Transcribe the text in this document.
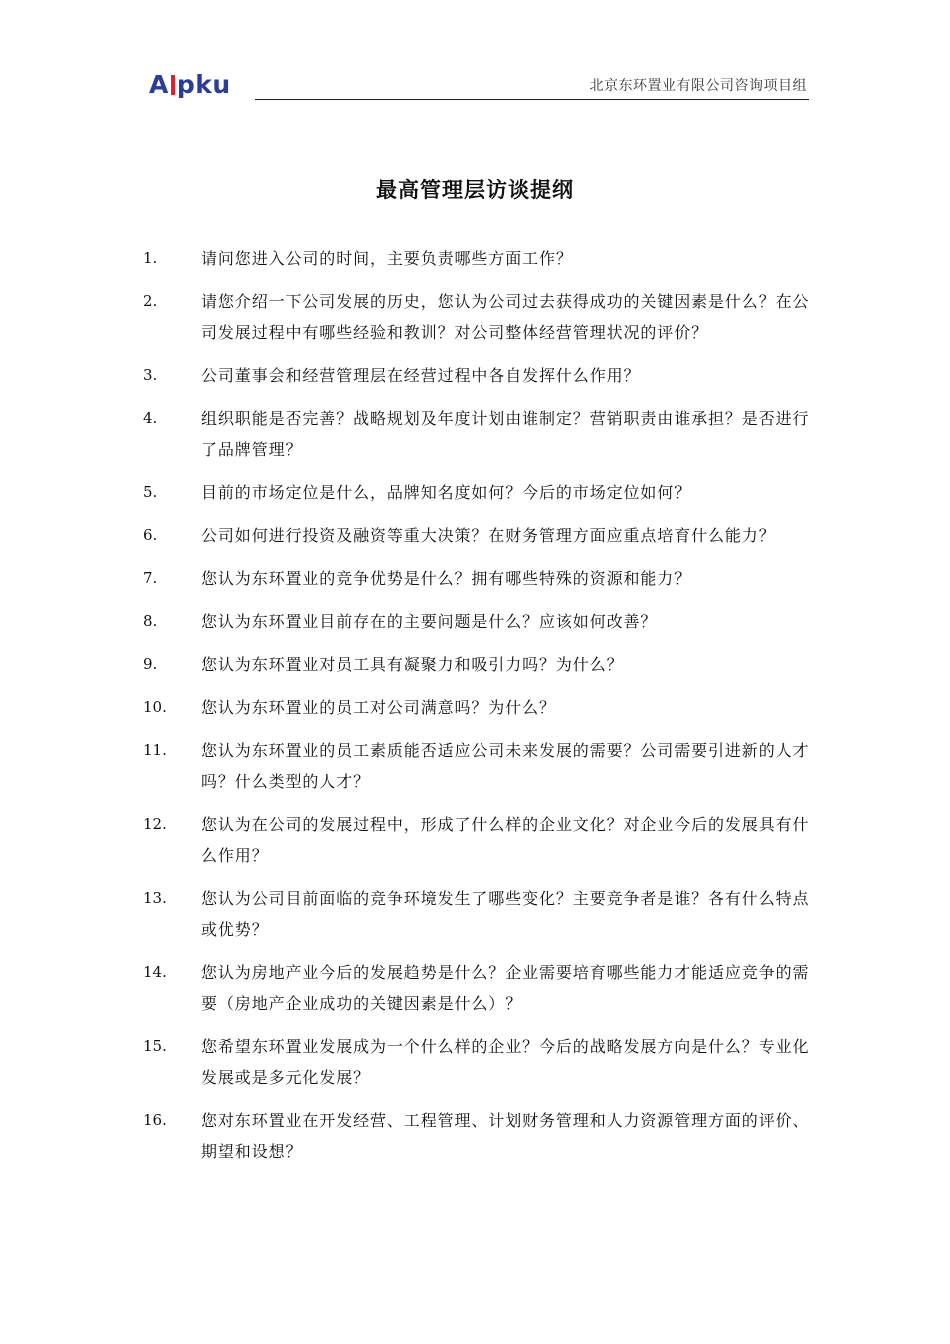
A pku	北京东环置业有限公司咨询项目组
最高管理层访谈提纲
1.	请问您进入公司的时间，主要负责哪些方面工作？
2.	请您介绍一下公司发展的历史，您认为公司过去获得成功的关键因素是什么？在公司发展过程中有哪些经验和教训？对公司整体经营管理状况的评价？
3.	公司董事会和经营管理层在经营过程中各自发挥什么作用？
4.	组织职能是否完善？战略规划及年度计划由谁制定？营销职责由谁承担？是否进行了品牌管理？
5.	目前的市场定位是什么，品牌知名度如何？今后的市场定位如何？
6.	公司如何进行投资及融资等重大决策？在财务管理方面应重点培育什么能力？
7.	您认为东环置业的竞争优势是什么？拥有哪些特殊的资源和能力？
8.	您认为东环置业目前存在的主要问题是什么？应该如何改善？
9.	您认为东环置业对员工具有凝聚力和吸引力吗？为什么？
10.	您认为东环置业的员工对公司满意吗？为什么？
11.	您认为东环置业的员工素质能否适应公司未来发展的需要？公司需要引进新的人才吗？什么类型的人才？
12.	您认为在公司的发展过程中，形成了什么样的企业文化？对企业今后的发展具有什么作用？
13.	您认为公司目前面临的竞争环境发生了哪些变化？主要竞争者是谁？各有什么特点或优势？
14.	您认为房地产业今后的发展趋势是什么？企业需要培育哪些能力才能适应竞争的需要（房地产企业成功的关键因素是什么）？
15.	您希望东环置业发展成为一个什么样的企业？今后的战略发展方向是什么？专业化发展或是多元化发展？
16.	您对东环置业在开发经营、工程管理、计划财务管理和人力资源管理方面的评价、期望和设想？
